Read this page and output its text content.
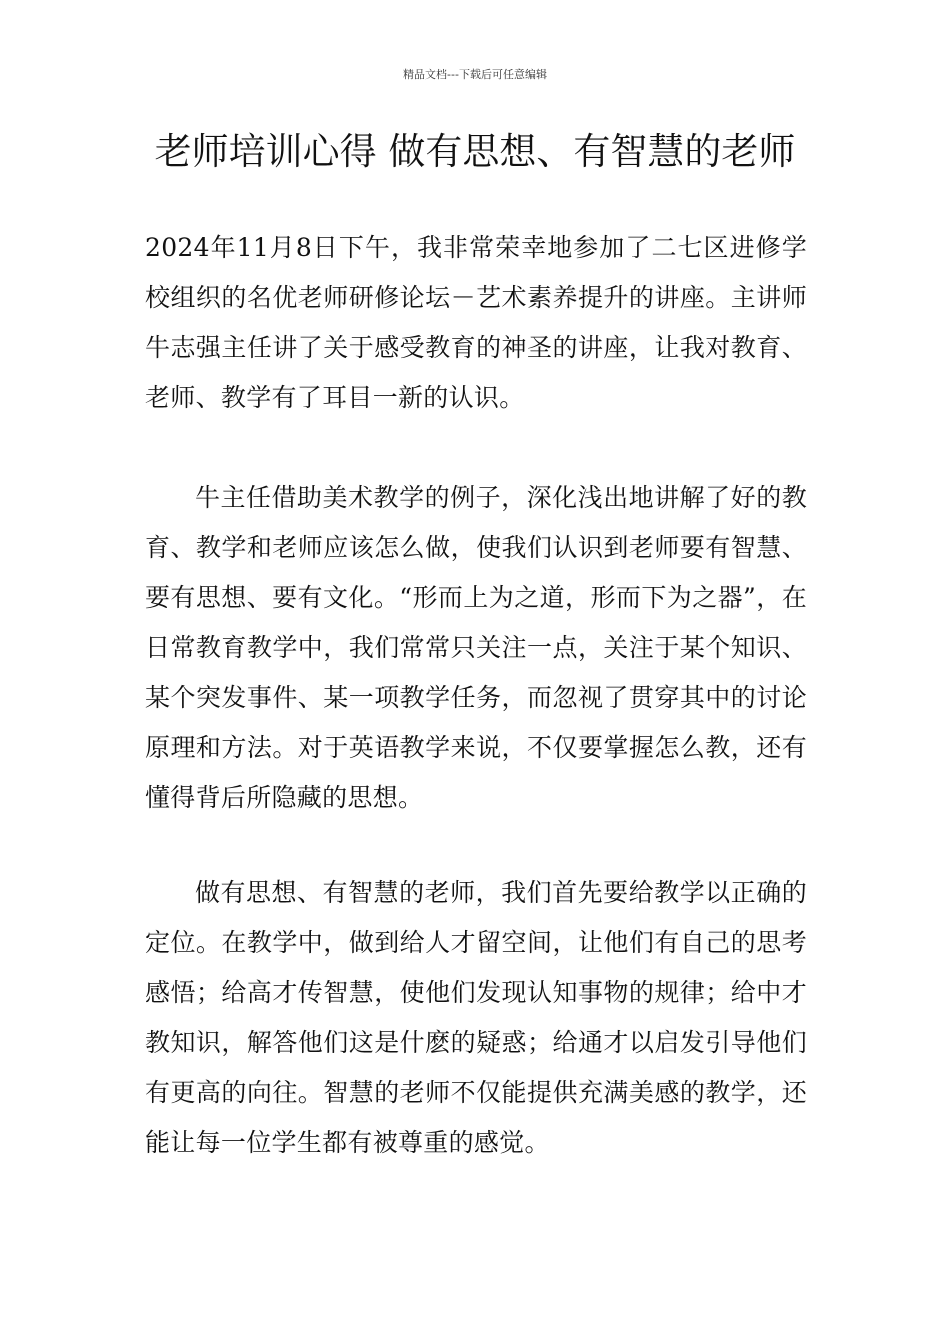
精品文档---下载后可任意编辑
老师培训心得 做有思想、有智慧的老师

2024年11月8日下午，我非常荣幸地参加了二七区进修学校组织的名优老师研修论坛－艺术素养提升的讲座。主讲师牛志强主任讲了关于感受教育的神圣的讲座，让我对教育、老师、教学有了耳目一新的认识。

牛主任借助美术教学的例子，深化浅出地讲解了好的教育、教学和老师应该怎么做，使我们认识到老师要有智慧、要有思想、要有文化。“形而上为之道，形而下为之器”，在日常教育教学中，我们常常只关注一点，关注于某个知识、某个突发事件、某一项教学任务，而忽视了贯穿其中的讨论原理和方法。对于英语教学来说，不仅要掌握怎么教，还有懂得背后所隐藏的思想。

做有思想、有智慧的老师，我们首先要给教学以正确的定位。在教学中，做到给人才留空间，让他们有自己的思考感悟；给高才传智慧，使他们发现认知事物的规律；给中才教知识，解答他们这是什麽的疑惑；给通才以启发引导他们有更高的向往。智慧的老师不仅能提供充满美感的教学，还能让每一位学生都有被尊重的感觉。
